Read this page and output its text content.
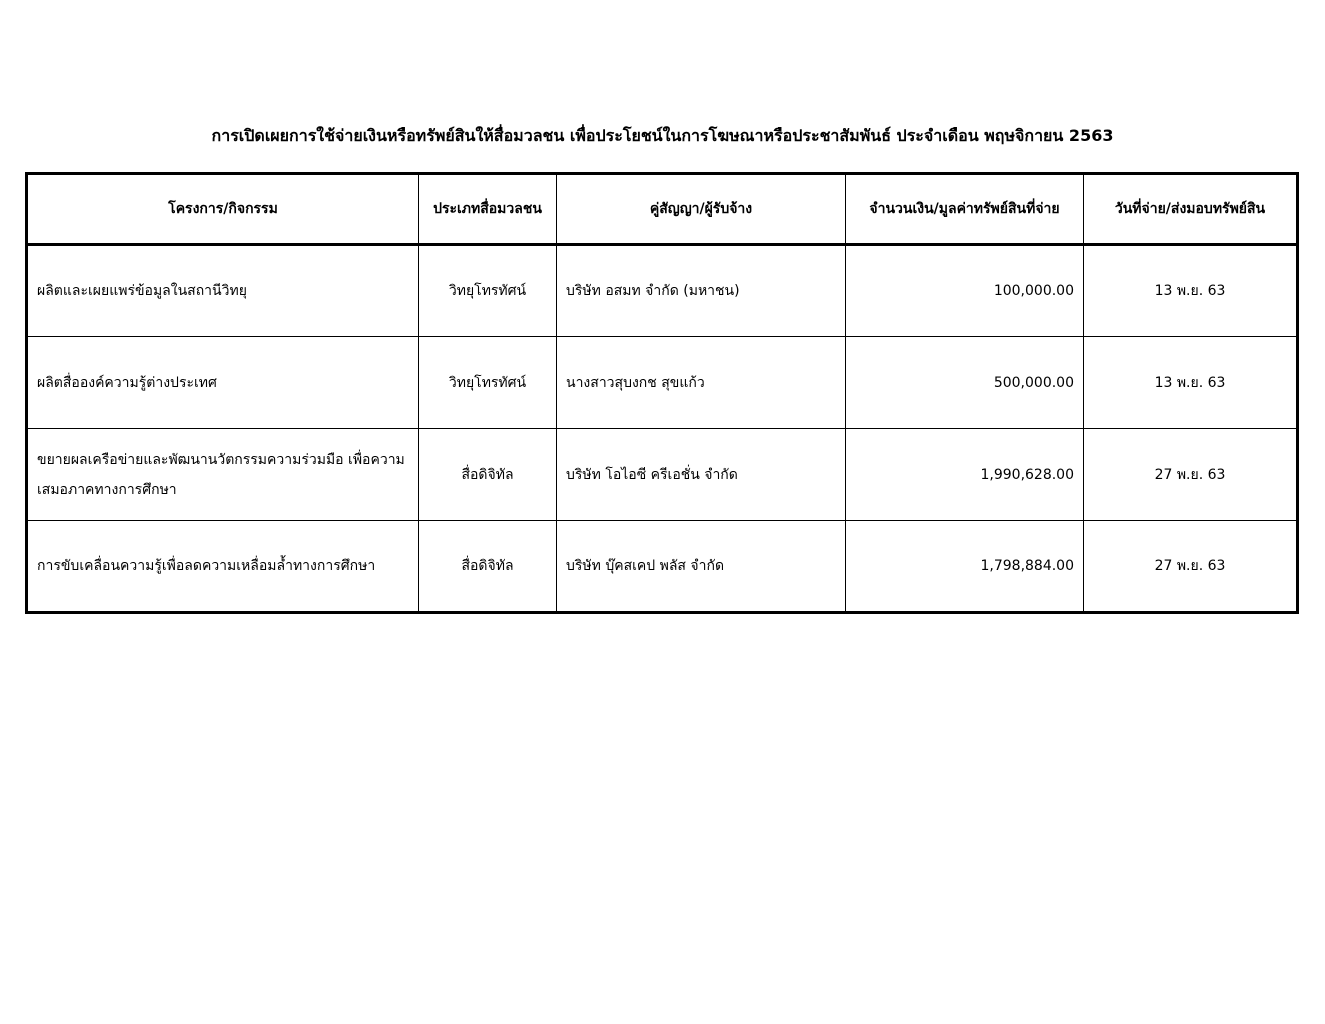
การเปิดเผยการใช้จ่ายเงินหรือทรัพย์สินให้สื่อมวลชน เพื่อประโยชน์ในการโฆษณาหรือประชาสัมพันธ์ ประจำเดือน พฤษจิกายน 2563
โครงการ/กิจกรรม	ประเภทสื่อมวลชน	คู่สัญญา/ผู้รับจ้าง	จำนวนเงิน/มูลค่าทรัพย์สินที่จ่าย	วันที่จ่าย/ส่งมอบทรัพย์สิน
ผลิตและเผยแพร่ข้อมูลในสถานีวิทยุ	วิทยุโทรทัศน์	บริษัท อสมท จำกัด (มหาชน)	100,000.00	13 พ.ย. 63
ผลิตสื่อองค์ความรู้ต่างประเทศ	วิทยุโทรทัศน์	นางสาวสุบงกช สุขแก้ว	500,000.00	13 พ.ย. 63
ขยายผลเครือข่ายและพัฒนานวัตกรรมความร่วมมือ เพื่อความเสมอภาคทางการศึกษา	สื่อดิจิทัล	บริษัท โอไอซี ครีเอชั่น จำกัด	1,990,628.00	27 พ.ย. 63
การขับเคลื่อนความรู้เพื่อลดความเหลื่อมล้ำทางการศึกษา	สื่อดิจิทัล	บริษัท บุ๊คสเคป พลัส จำกัด	1,798,884.00	27 พ.ย. 63
